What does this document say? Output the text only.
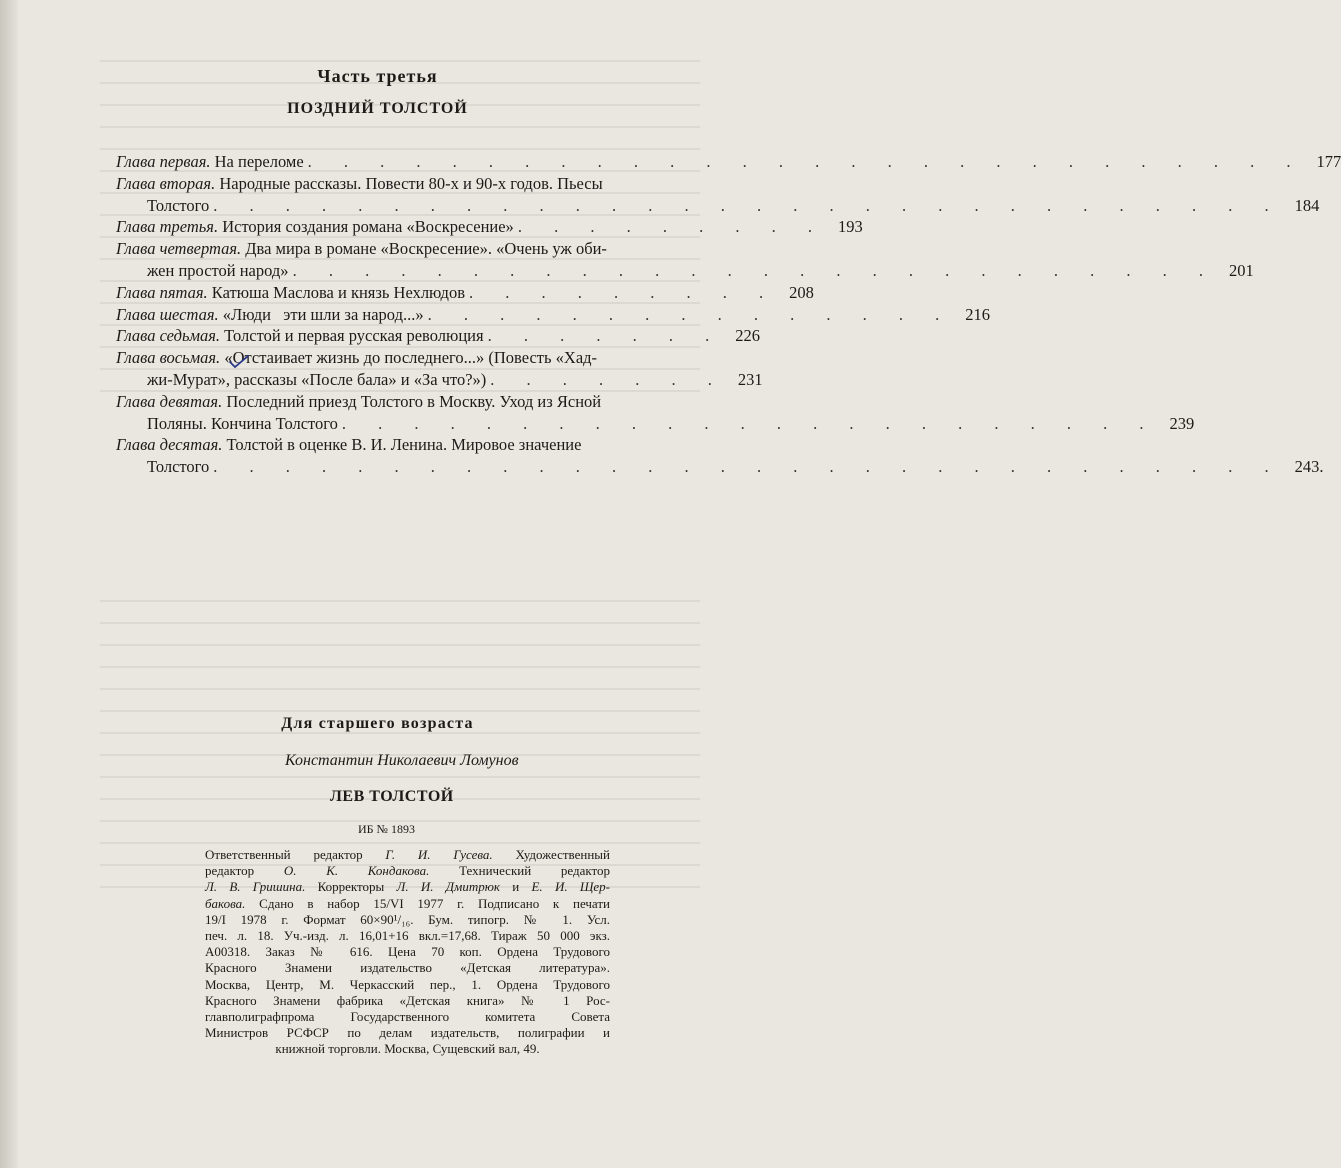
Часть третья
ПОЗДНИЙ ТОЛСТОЙ
Глава первая.
На переломе . . . . . . . . . . . . . . . . . . . . . . . . . . . . 177
Глава вторая.
Народные рассказы. Повести 80-х и 90-х годов. Пьесы
Толстого . . . . . . . . . . . . . . . . . . . . . . . . . . . . . . 184
Глава третья.
История создания романа «Воскресение» . . . . . . . . . 193
Глава четвертая.
Два мира в романе «Воскресение». «Очень уж оби-
жен простой народ» . . . . . . . . . . . . . . . . . . . . . . . . . . 201
Глава пятая.
Катюша Маслова и князь Нехлюдов . . . . . . . . . 208
Глава шестая.
«Люди   эти шли за народ...» . . . . . . . . . . . . . . . 216
Глава седьмая.
Толстой и первая русская революция . . . . . . . 226
Глава восьмая.
«Отстаивает жизнь до последнего...» (Повесть «Хад-
жи-Мурат», рассказы «После бала» и «За что?») . . . . . . . 231
Глава девятая.
Последний приезд Толстого в Москву. Уход из Ясной
Поляны. Кончина Толстого . . . . . . . . . . . . . . . . . . . . . . . 239
Глава десятая.
Толстой в оценке В. И. Ленина. Мировое значение
Толстого . . . . . . . . . . . . . . . . . . . . . . . . . . . . . . 243.
Для старшего возраста
Константин Николаевич Ломунов
ЛЕВ ТОЛСТОЙ
ИБ № 1893
Ответственный редактор Г. И. Гусева. Художественный
редактор О. К. Кондакова. Технический редактор
Л. В. Гришина. Корректоры Л. И. Дмитрюк и Е. И. Щер-
бакова. Сдано в набор 15/VI 1977 г. Подписано к печати
19/I 1978 г. Формат 60×90¹/₁₆. Бум. типогр. № 1. Усл.
печ. л. 18. Уч.-изд. л. 16,01+16 вкл.=17,68. Тираж 50 000 экз.
А00318. Заказ № 616. Цена 70 коп. Ордена Трудового
Красного Знамени издательство «Детская литература».
Москва, Центр, М. Черкасский пер., 1. Ордена Трудового
Красного Знамени фабрика «Детская книга» № 1 Рос-
главполиграфпрома Государственного комитета Совета
Министров РСФСР по делам издательств, полиграфии и
книжной торговли. Москва, Сущевский вал, 49.
